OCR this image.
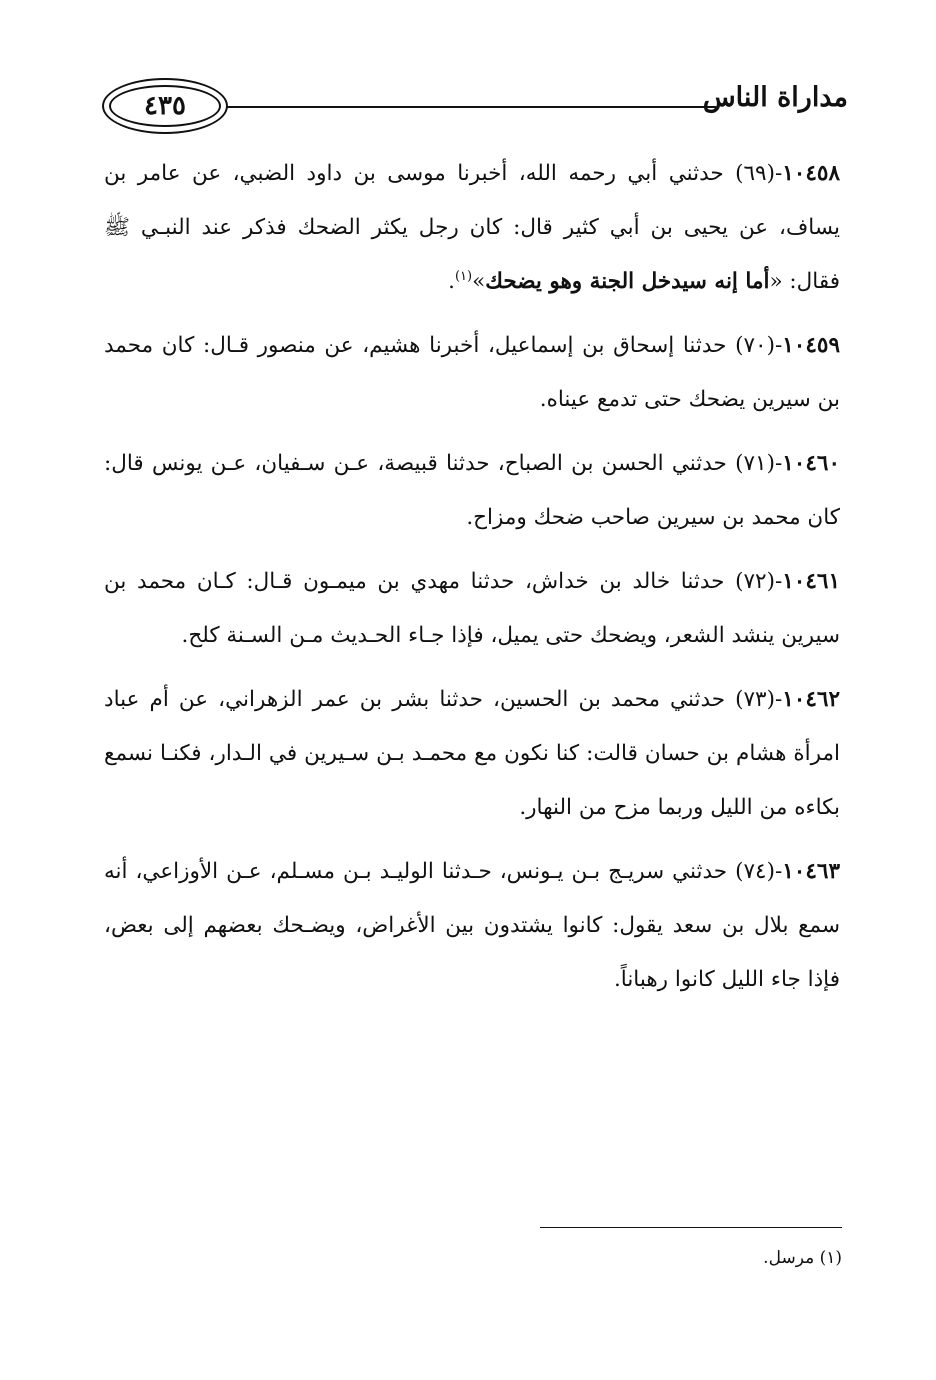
٤٣٥	مداراة الناس

١٠٤٥٨-(٦٩) حدثني أبي رحمه الله، أخبرنا موسى بن داود الضبي، عن عامر بن يساف، عن يحيى بن أبي كثير قال: كان رجل يكثر الضحك فذكر عند النبـي ﷺ فقال: «أما إنه سيدخل الجنة وهو يضحك»$^{(١)}$.

١٠٤٥٩-(٧٠) حدثنا إسحاق بن إسماعيل، أخبرنا هشيم، عن منصور قـال: كان محمد بن سيرين يضحك حتى تدمع عيناه.

١٠٤٦٠-(٧١) حدثني الحسن بن الصباح، حدثنا قبيصة، عـن سـفيان، عـن يونس قال: كان محمد بن سيرين صاحب ضحك ومزاح.

١٠٤٦١-(٧٢) حدثنا خالد بن خداش، حدثنا مهدي بن ميمـون قـال: كـان محمد بن سيرين ينشد الشعر، ويضحك حتى يميل، فإذا جـاء الحـديث مـن السـنة كلح.

١٠٤٦٢-(٧٣) حدثني محمد بن الحسين، حدثنا بشر بن عمر الزهراني، عن أم عباد امرأة هشام بن حسان قالت: كنا نكون مع محمـد بـن سـيرين في الـدار، فكنـا نسمع بكاءه من الليل وربما مزح من النهار.

١٠٤٦٣-(٧٤) حدثني سريـج بـن يـونس، حـدثنا الوليـد بـن مسـلم، عـن الأوزاعي، أنه سمع بلال بن سعد يقول: كانوا يشتدون بين الأغراض، ويضـحك بعضهم إلى بعض، فإذا جاء الليل كانوا رهباناً.

(١) مرسل.
